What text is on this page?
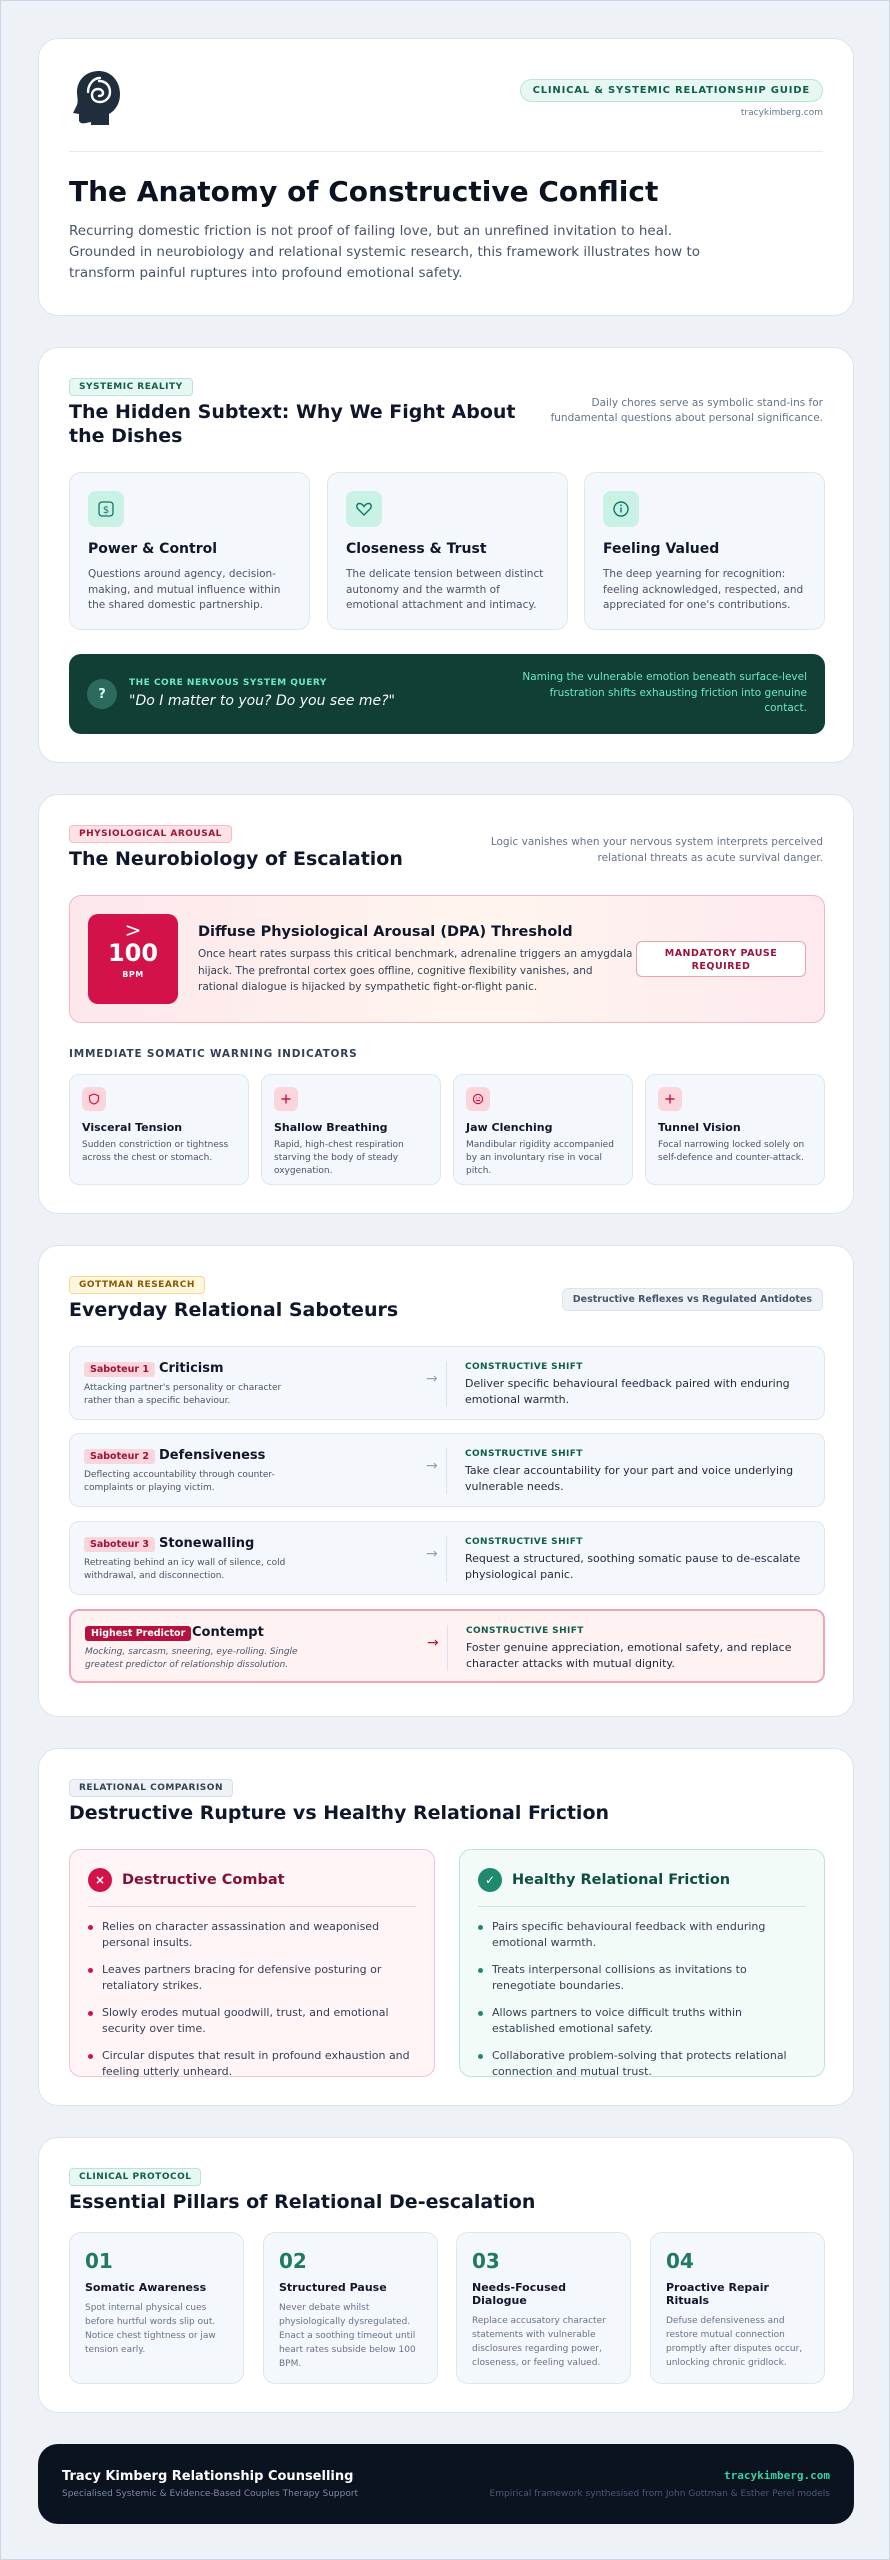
CLINICAL & SYSTEMIC RELATIONSHIP GUIDE
tracykimberg.com
The Anatomy of Constructive Conflict

Recurring domestic friction is not proof of failing love, but an unrefined invitation to heal. Grounded in neurobiology and relational systemic research, this framework illustrates how to transform painful ruptures into profound emotional safety.

SYSTEMIC REALITY
The Hidden Subtext: Why We Fight About the Dishes

Daily chores serve as symbolic stand-ins for fundamental questions about personal significance.

$
Power & Control

Questions around agency, decision-making, and mutual influence within the shared domestic partnership.

Closeness & Trust

The delicate tension between distinct autonomy and the warmth of emotional attachment and intimacy.

Feeling Valued

The deep yearning for recognition: feeling acknowledged, respected, and appreciated for one's contributions.

?
THE CORE NERVOUS SYSTEM QUERY
"Do I matter to you? Do you see me?"
Naming the vulnerable emotion beneath surface-level frustration shifts exhausting friction into genuine contact.
PHYSIOLOGICAL AROUSAL
The Neurobiology of Escalation

Logic vanishes when your nervous system interprets perceived relational threats as acute survival danger.

>
100
BPM
Diffuse Physiological Arousal (DPA) Threshold
Once heart rates surpass this critical benchmark, adrenaline triggers an amygdala hijack. The prefrontal cortex goes offline, cognitive flexibility vanishes, and rational dialogue is hijacked by sympathetic fight-or-flight panic.
MANDATORY PAUSE REQUIRED
IMMEDIATE SOMATIC WARNING INDICATORS
Visceral Tension

Sudden constriction or tightness across the chest or stomach.

Shallow Breathing

Rapid, high-chest respiration starving the body of steady oxygenation.

Jaw Clenching

Mandibular rigidity accompanied by an involuntary rise in vocal pitch.

Tunnel Vision

Focal narrowing locked solely on self-defence and counter-attack.

GOTTMAN RESEARCH
Everyday Relational Saboteurs	Destructive Reflexes vs Regulated Antidotes
Saboteur 1 Criticism
Attacking partner's personality or character rather than a specific behaviour.
→
CONSTRUCTIVE SHIFT
Deliver specific behavioural feedback paired with enduring emotional warmth.
Saboteur 2 Defensiveness
Deflecting accountability through counter-complaints or playing victim.
→
CONSTRUCTIVE SHIFT
Take clear accountability for your part and voice underlying vulnerable needs.
Saboteur 3 Stonewalling
Retreating behind an icy wall of silence, cold withdrawal, and disconnection.
→
CONSTRUCTIVE SHIFT
Request a structured, soothing somatic pause to de-escalate physiological panic.
Highest Predictor Contempt
Mocking, sarcasm, sneering, eye-rolling. Single greatest predictor of relationship dissolution.
→
CONSTRUCTIVE SHIFT
Foster genuine appreciation, emotional safety, and replace character attacks with mutual dignity.
RELATIONAL COMPARISON
Destructive Rupture vs Healthy Relational Friction
×	Destructive Combat
Relies on character assassination and weaponised personal insults.
Leaves partners bracing for defensive posturing or retaliatory strikes.
Slowly erodes mutual goodwill, trust, and emotional security over time.
Circular disputes that result in profound exhaustion and feeling utterly unheard.
✓	Healthy Relational Friction
Pairs specific behavioural feedback with enduring emotional warmth.
Treats interpersonal collisions as invitations to renegotiate boundaries.
Allows partners to voice difficult truths within established emotional safety.
Collaborative problem-solving that protects relational connection and mutual trust.
CLINICAL PROTOCOL
Essential Pillars of Relational De-escalation
01
Somatic Awareness

Spot internal physical cues before hurtful words slip out. Notice chest tightness or jaw tension early.

02
Structured Pause

Never debate whilst physiologically dysregulated. Enact a soothing timeout until heart rates subside below 100 BPM.

03
Needs-Focused Dialogue

Replace accusatory character statements with vulnerable disclosures regarding power, closeness, or feeling valued.

04
Proactive Repair Rituals

Defuse defensiveness and restore mutual connection promptly after disputes occur, unlocking chronic gridlock.

Tracy Kimberg Relationship Counselling
Specialised Systemic & Evidence-Based Couples Therapy Support
tracykimberg.com
Empirical framework synthesised from John Gottman & Esther Perel models
